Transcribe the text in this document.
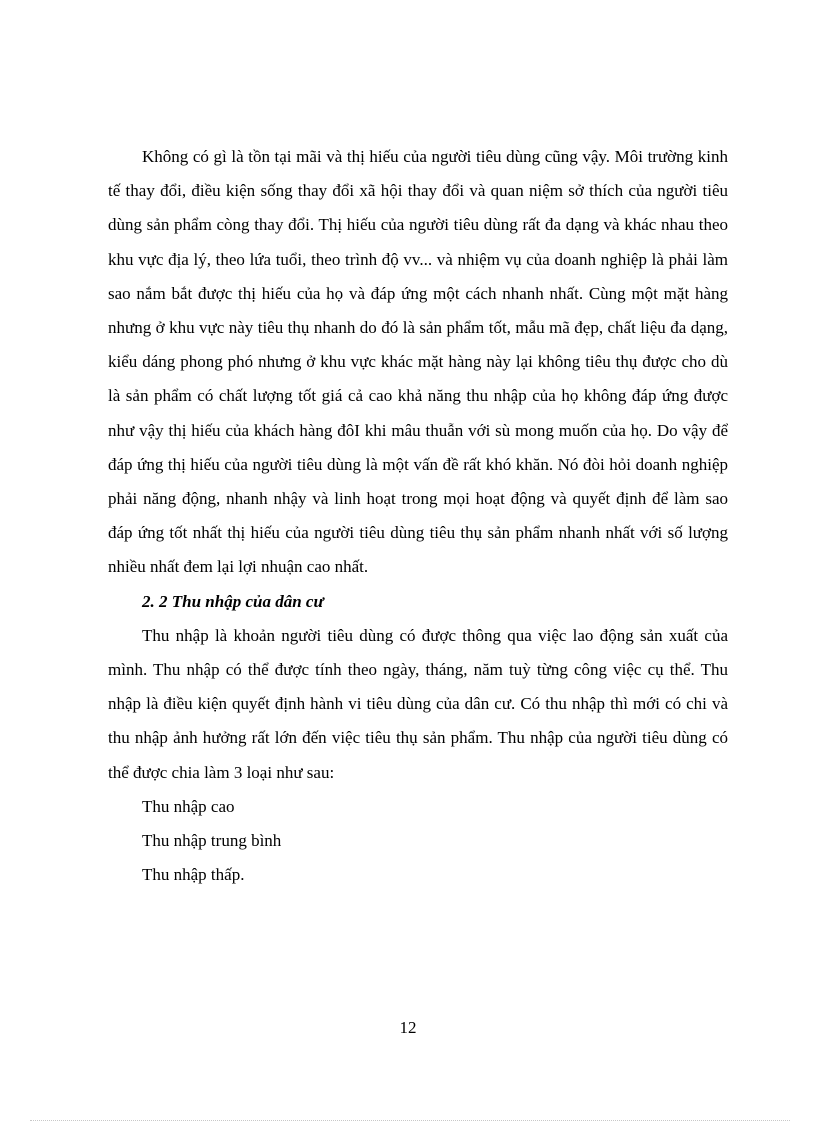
Không có gì là tồn tại mãi và thị hiếu của người tiêu dùng cũng vậy. Môi trường kinh tế thay đổi, điều kiện sống thay đổi xã hội thay đổi và quan niệm sở thích của người tiêu dùng sản phẩm còng thay đổi. Thị hiếu của người tiêu dùng rất đa dạng và khác nhau theo khu vực địa lý, theo lứa tuổi, theo trình độ vv... và nhiệm vụ của doanh nghiệp là phải làm sao nắm bắt được thị hiếu của họ và đáp ứng một cách nhanh nhất. Cùng một mặt hàng nhưng ở khu vực này tiêu thụ nhanh do đó là sản phẩm tốt, mẫu mã đẹp, chất liệu đa dạng, kiểu dáng phong phó nhưng ở khu vực khác mặt hàng này lại không tiêu thụ được cho dù là sản phẩm có chất lượng tốt giá cả cao khả năng thu nhập của họ không đáp ứng được như vậy thị hiếu của khách hàng đôI khi mâu thuẫn với sù mong muốn của họ. Do vậy để đáp ứng thị hiếu của người tiêu dùng là một vấn đề rất khó khăn. Nó đòi hỏi doanh nghiệp phải năng động, nhanh nhậy và linh hoạt trong mọi hoạt động và quyết định để làm sao đáp ứng tốt nhất thị hiếu của người tiêu dùng tiêu thụ sản phẩm nhanh nhất với số lượng nhiều nhất đem lại lợi nhuận cao nhất.

2. 2 Thu nhập của dân cư

Thu nhập là khoản người tiêu dùng có được thông qua việc lao động sản xuất của mình. Thu nhập có thể được tính theo ngày, tháng, năm tuỳ từng công việc cụ thể. Thu nhập là điều kiện quyết định hành vi tiêu dùng của dân cư. Có thu nhập thì mới có chi và thu nhập ảnh hưởng rất lớn đến việc tiêu thụ sản phẩm. Thu nhập của người tiêu dùng có thể được chia làm 3 loại như sau:

Thu nhập cao

Thu nhập trung bình

Thu nhập thấp.

12
